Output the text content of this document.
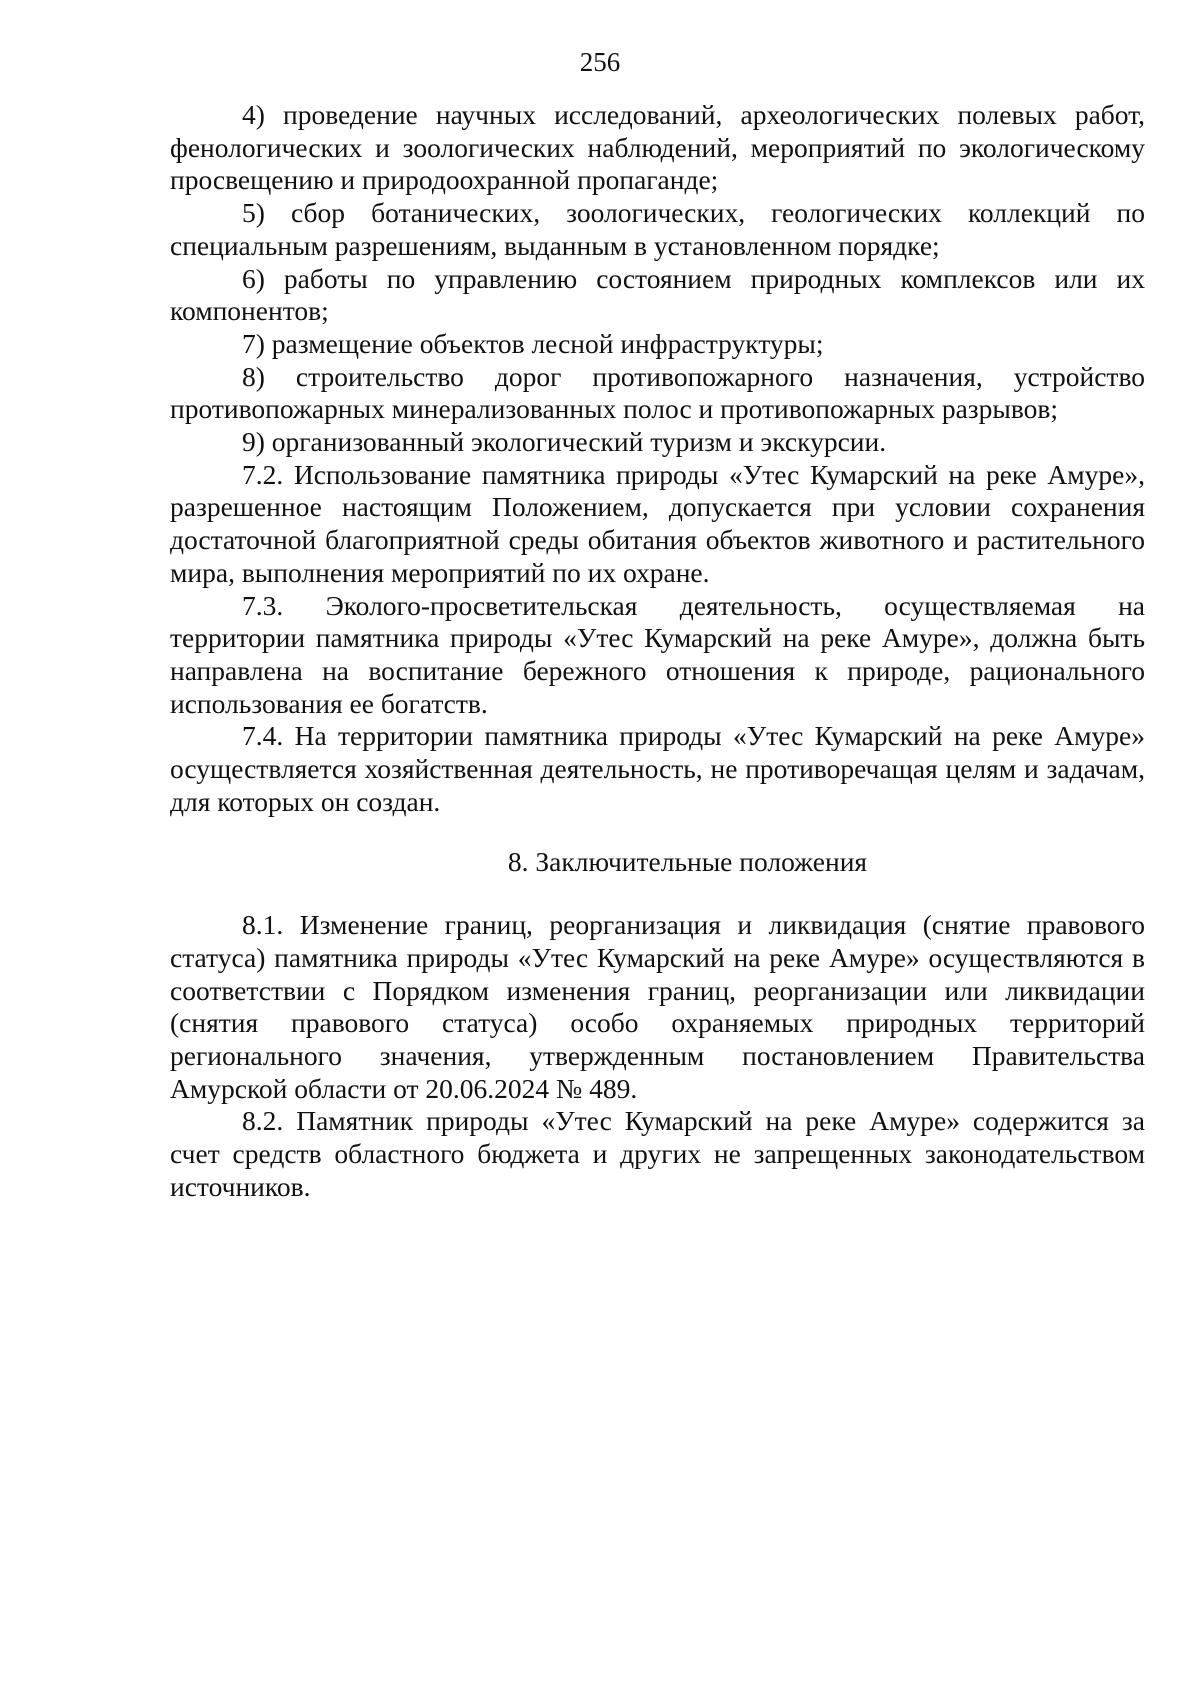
256

4) проведение научных исследований, археологических полевых работ, фенологических и зоологических наблюдений, мероприятий по экологическому просвещению и природоохранной пропаганде;

5) сбор ботанических, зоологических, геологических коллекций по специальным разрешениям, выданным в установленном порядке;

6) работы по управлению состоянием природных комплексов или их компонентов;

7) размещение объектов лесной инфраструктуры;

8) строительство дорог противопожарного назначения, устройство противопожарных минерализованных полос и противопожарных разрывов;

9) организованный экологический туризм и экскурсии.

7.2. Использование памятника природы «Утес Кумарский на реке Амуре», разрешенное настоящим Положением, допускается при условии сохранения достаточной благоприятной среды обитания объектов животного и растительного мира, выполнения мероприятий по их охране.

7.3. Эколого-просветительская деятельность, осуществляемая на территории памятника природы «Утес Кумарский на реке Амуре», должна быть направлена на воспитание бережного отношения к природе, рационального использования ее богатств.

7.4. На территории памятника природы «Утес Кумарский на реке Амуре» осуществляется хозяйственная деятельность, не противоречащая целям и задачам, для которых он создан.

8. Заключительные положения

8.1. Изменение границ, реорганизация и ликвидация (снятие правового статуса) памятника природы «Утес Кумарский на реке Амуре» осуществляются в соответствии с Порядком изменения границ, реорганизации или ликвидации (снятия правового статуса) особо охраняемых природных территорий регионального значения, утвержденным постановлением Правительства Амурской области от 20.06.2024 № 489.

8.2. Памятник природы «Утес Кумарский на реке Амуре» содержится за счет средств областного бюджета и других не запрещенных законодательством источников.
